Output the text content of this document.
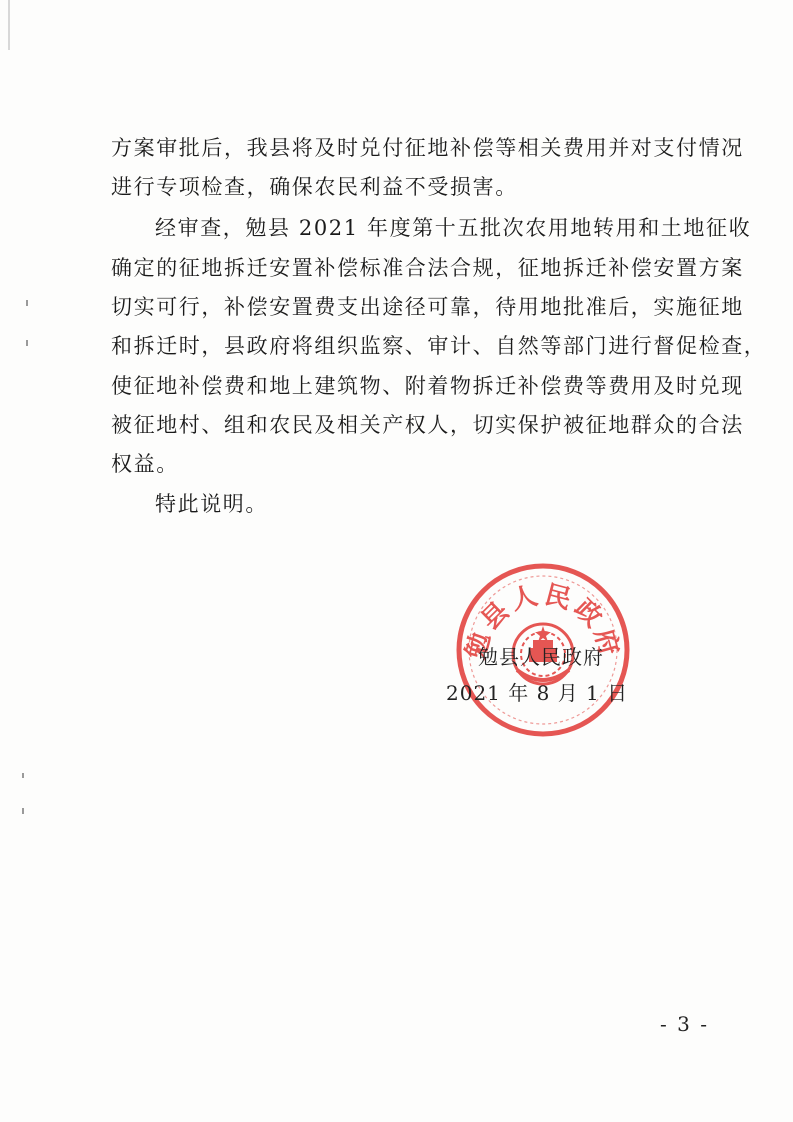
方案审批后，我县将及时兑付征地补偿等相关费用并对支付情况
进行专项检查，确保农民利益不受损害。
经审查，勉县 2021 年度第十五批次农用地转用和土地征收
确定的征地拆迁安置补偿标准合法合规，征地拆迁补偿安置方案
切实可行，补偿安置费支出途径可靠，待用地批准后，实施征地
和拆迁时，县政府将组织监察、审计、自然等部门进行督促检查，
使征地补偿费和地上建筑物、附着物拆迁补偿费等费用及时兑现
被征地村、组和农民及相关产权人，切实保护被征地群众的合法
权益。
特此说明。
勉县人民政府
勉县人民政府
2021 年 8 月 1 日
- 3 -
